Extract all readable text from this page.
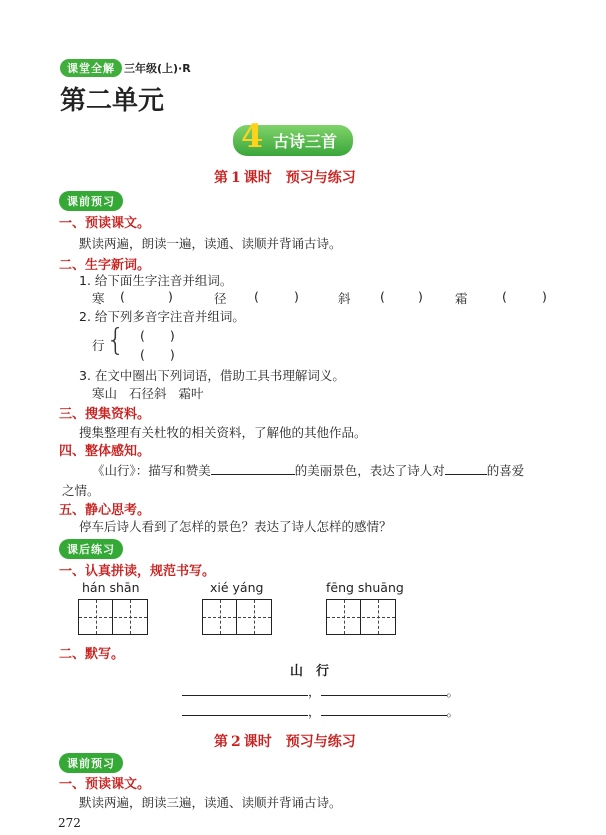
课堂全解 三年级(上)·R
第二单元
4 古诗三首
第 1 课时　预习与练习
课前预习
一、预读课文。
默读两遍，朗读一遍，读通、读顺并背诵古诗。
二、生字新词。
1. 给下面生字注音并组词。
寒 (	)	径 (	)	斜 (	)	霜	(	)
2. 给下列多音字注音并组词。
行 { (　　)
(　　)
3. 在文中圈出下列词语，借助工具书理解词义。
寒山 石径斜 霜叶
三、搜集资料。
搜集整理有关杜牧的相关资料，了解他的其他作品。
四、整体感知。
《山行》：描写和赞美	的美丽景色，表达了诗人对	的喜爱
之情。
五、静心思考。
停车后诗人看到了怎样的景色？表达了诗人怎样的感情？
课后练习
一、认真拼读，规范书写。
hán shān	xié yáng	fēng shuāng
二、默写。
山　行
，	。
，	。
第 2 课时　预习与练习
课前预习
一、预读课文。
默读两遍，朗读三遍，读通、读顺并背诵古诗。
272
